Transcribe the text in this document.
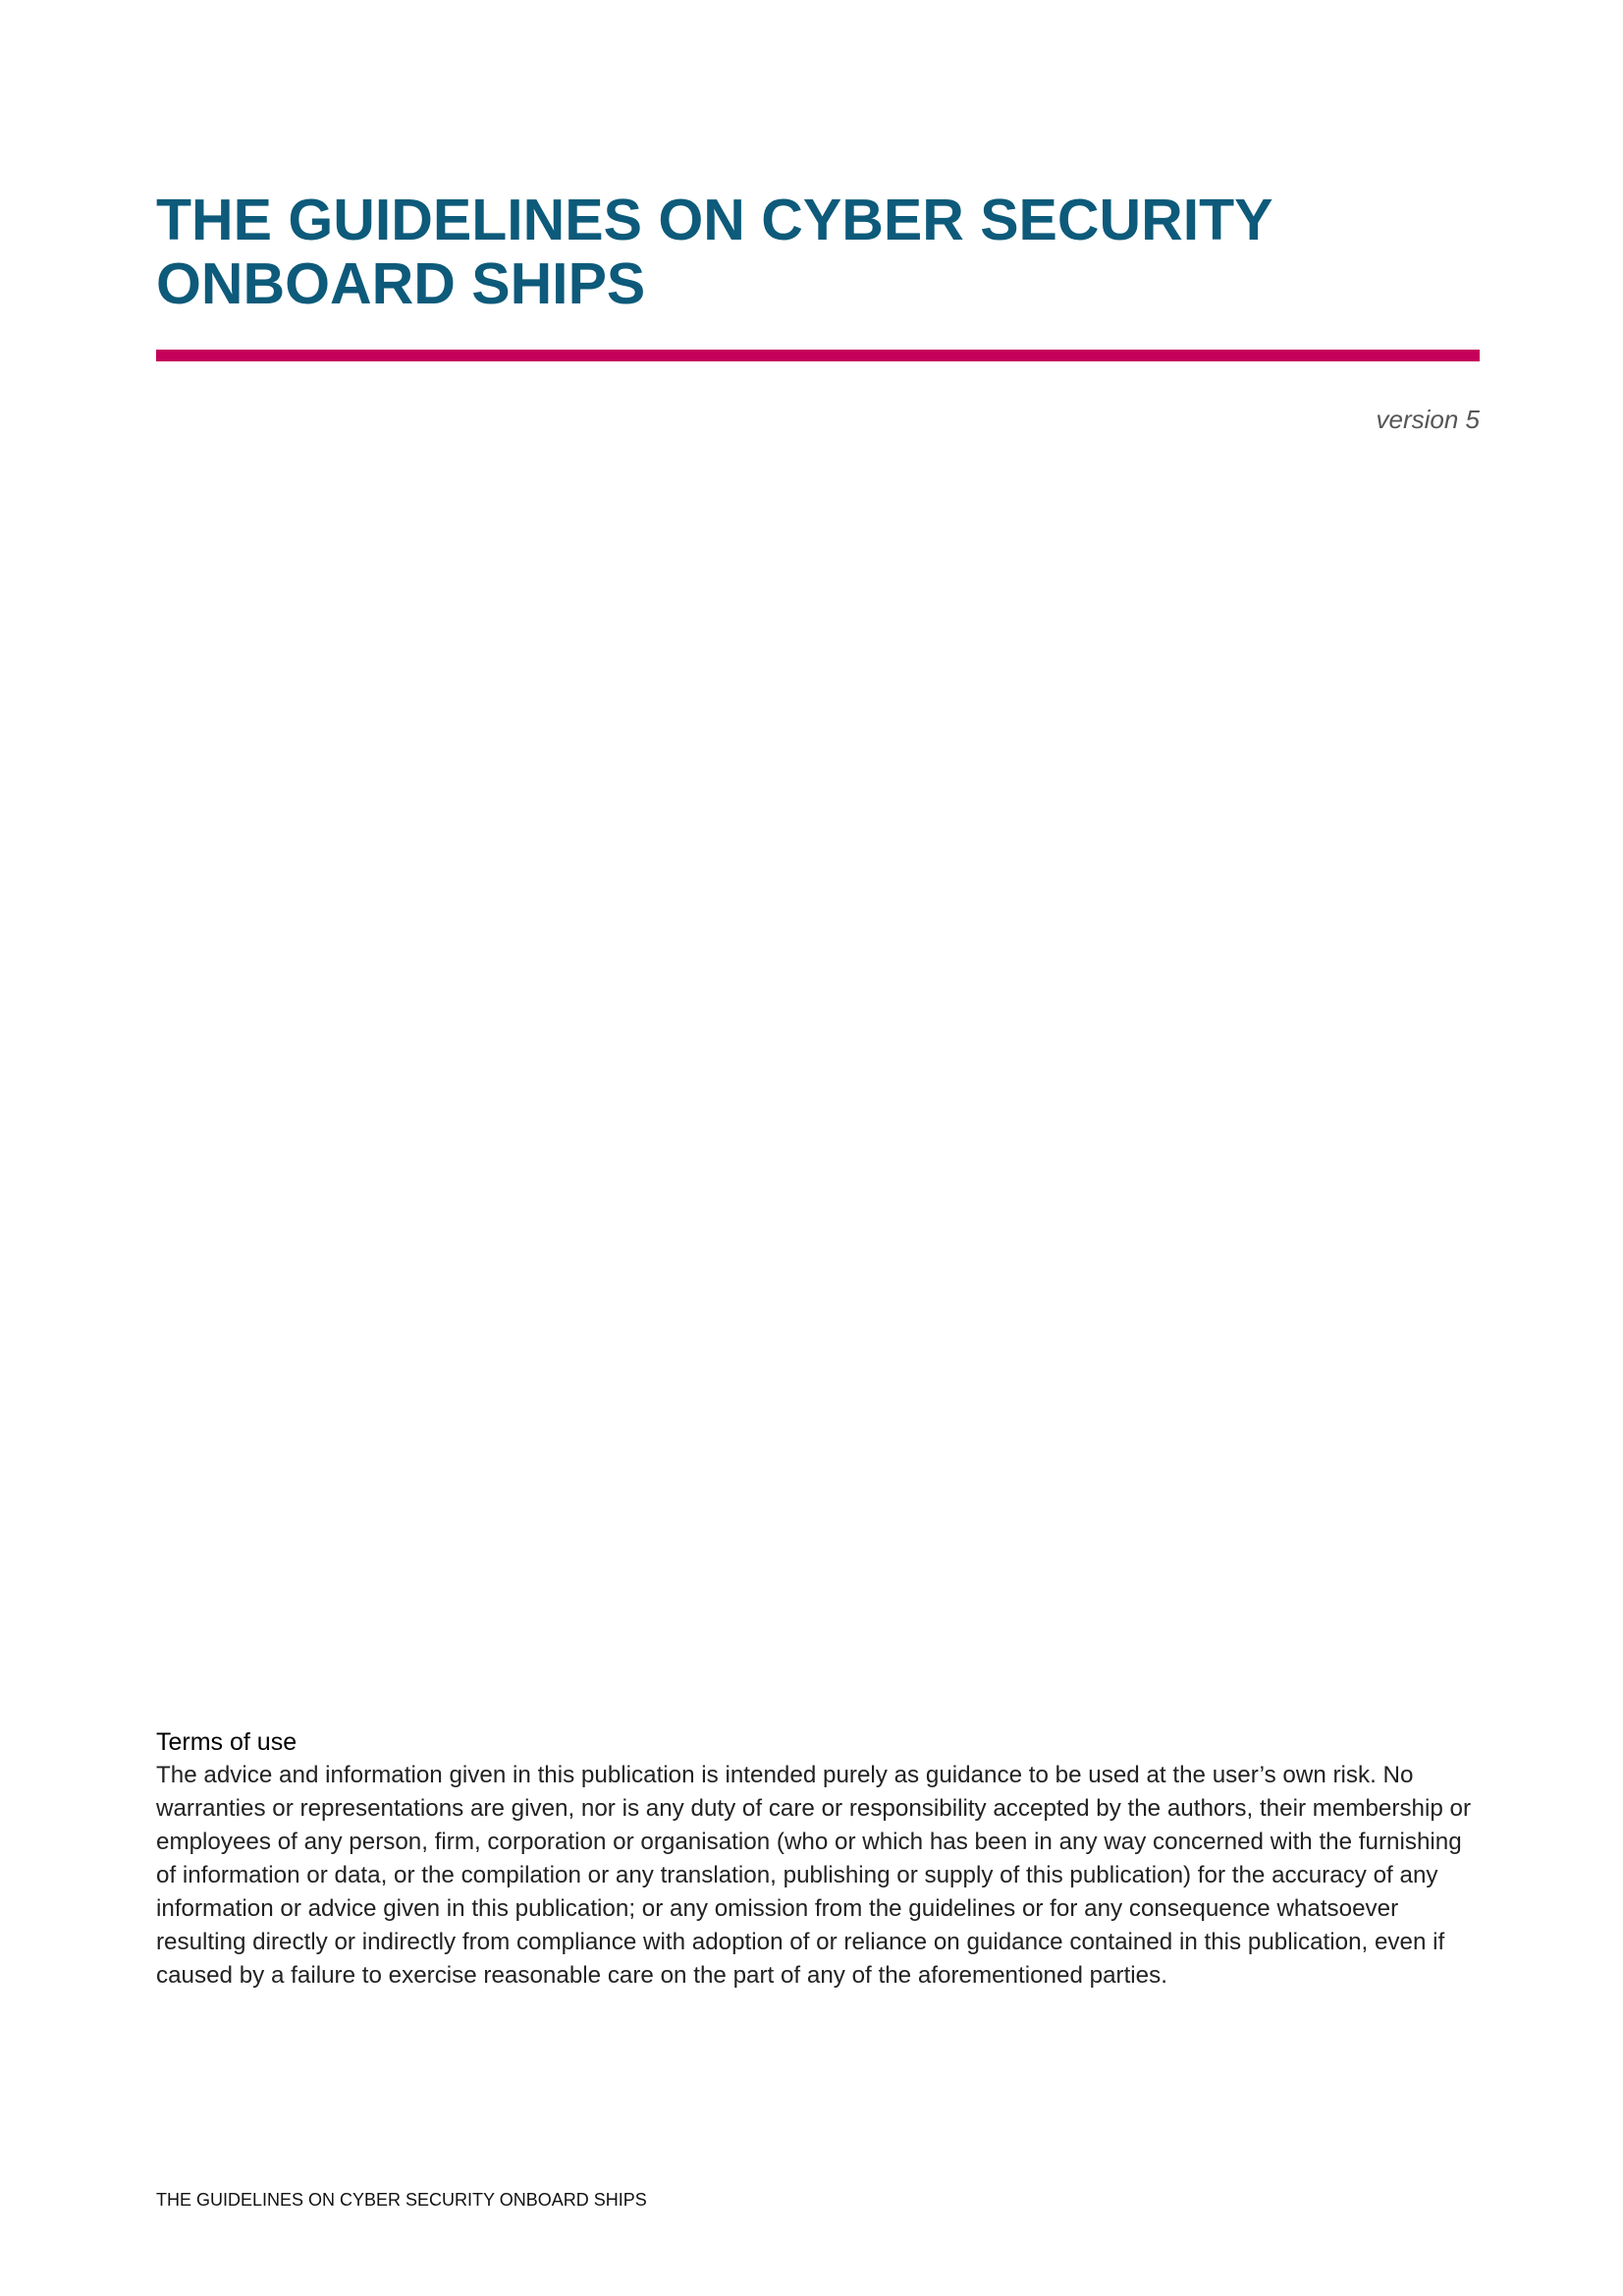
THE GUIDELINES ON CYBER SECURITY
ONBOARD SHIPS
version 5
Terms of use

The advice and information given in this publication is intended purely as guidance to be used at the user’s own risk. No warranties or representations are given, nor is any duty of care or responsibility accepted by the authors, their membership or employees of any person, firm, corporation or organisation (who or which has been in any way concerned with the furnishing of information or data, or the compilation or any translation, publishing or supply of this publication) for the accuracy of any information or advice given in this publication; or any omission from the guidelines or for any consequence whatsoever resulting directly or indirectly from compliance with adoption of or reliance on guidance contained in this publication, even if caused by a failure to exercise reasonable care on the part of any of the aforementioned parties.

THE GUIDELINES ON CYBER SECURITY ONBOARD SHIPS
